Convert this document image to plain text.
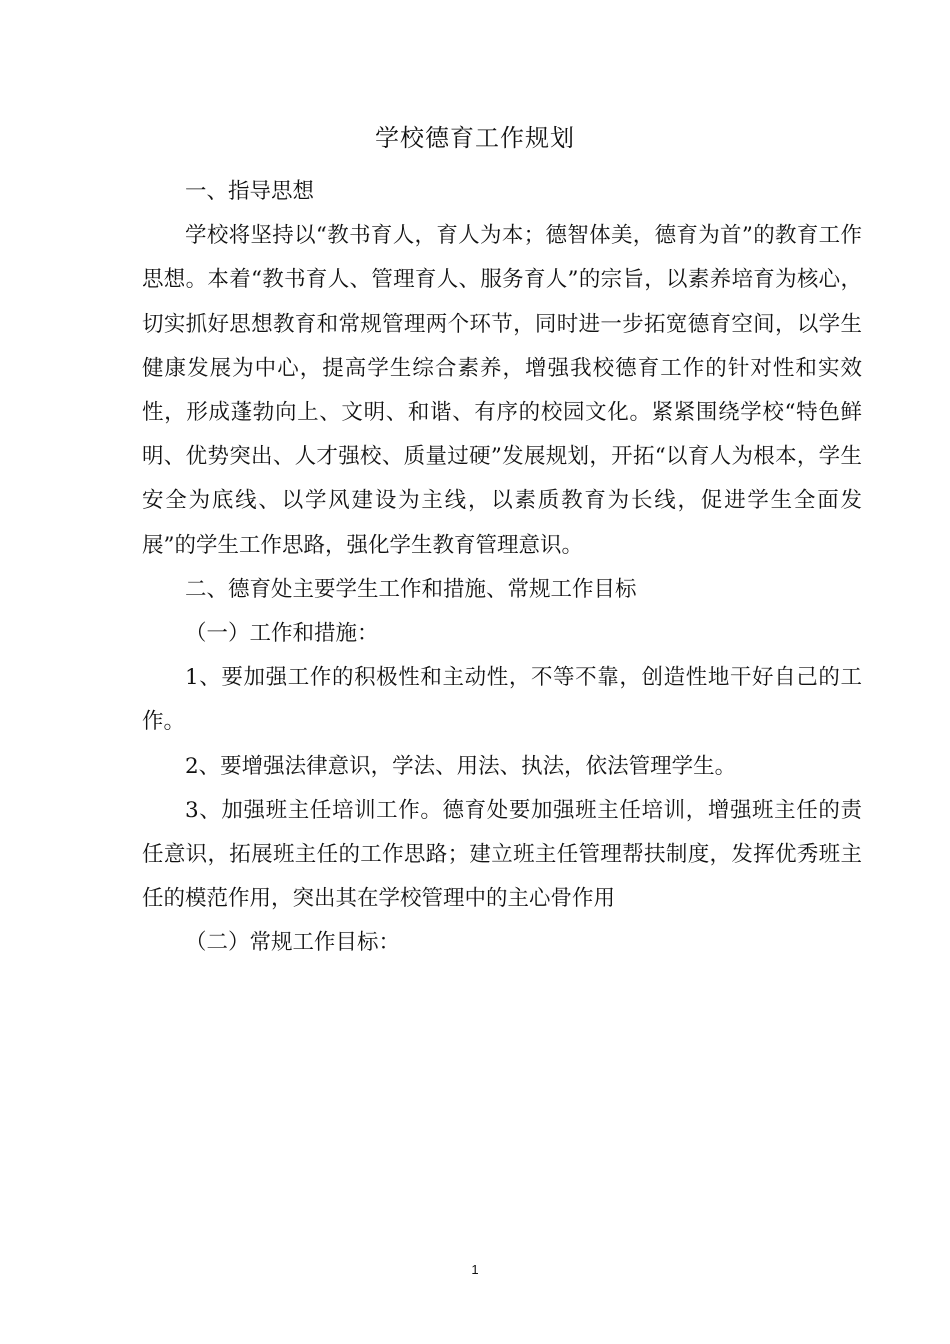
学校德育工作规划

一、指导思想

学校将坚持以“教书育人，育人为本；德智体美，德育为首”的教育工作思想。本着“教书育人、管理育人、服务育人”的宗旨，以素养培育为核心，切实抓好思想教育和常规管理两个环节，同时进一步拓宽德育空间，以学生健康发展为中心，提高学生综合素养，增强我校德育工作的针对性和实效性，形成蓬勃向上、文明、和谐、有序的校园文化。紧紧围绕学校“特色鲜明、优势突出、人才强校、质量过硬”发展规划，开拓“以育人为根本，学生安全为底线、以学风建设为主线，以素质教育为长线，促进学生全面发展”的学生工作思路，强化学生教育管理意识。

二、德育处主要学生工作和措施、常规工作目标

（一）工作和措施：

1、要加强工作的积极性和主动性，不等不靠，创造性地干好自己的工作。

2、要增强法律意识，学法、用法、执法，依法管理学生。

3、加强班主任培训工作。德育处要加强班主任培训，增强班主任的责任意识，拓展班主任的工作思路；建立班主任管理帮扶制度，发挥优秀班主任的模范作用，突出其在学校管理中的主心骨作用

（二）常规工作目标：

1
